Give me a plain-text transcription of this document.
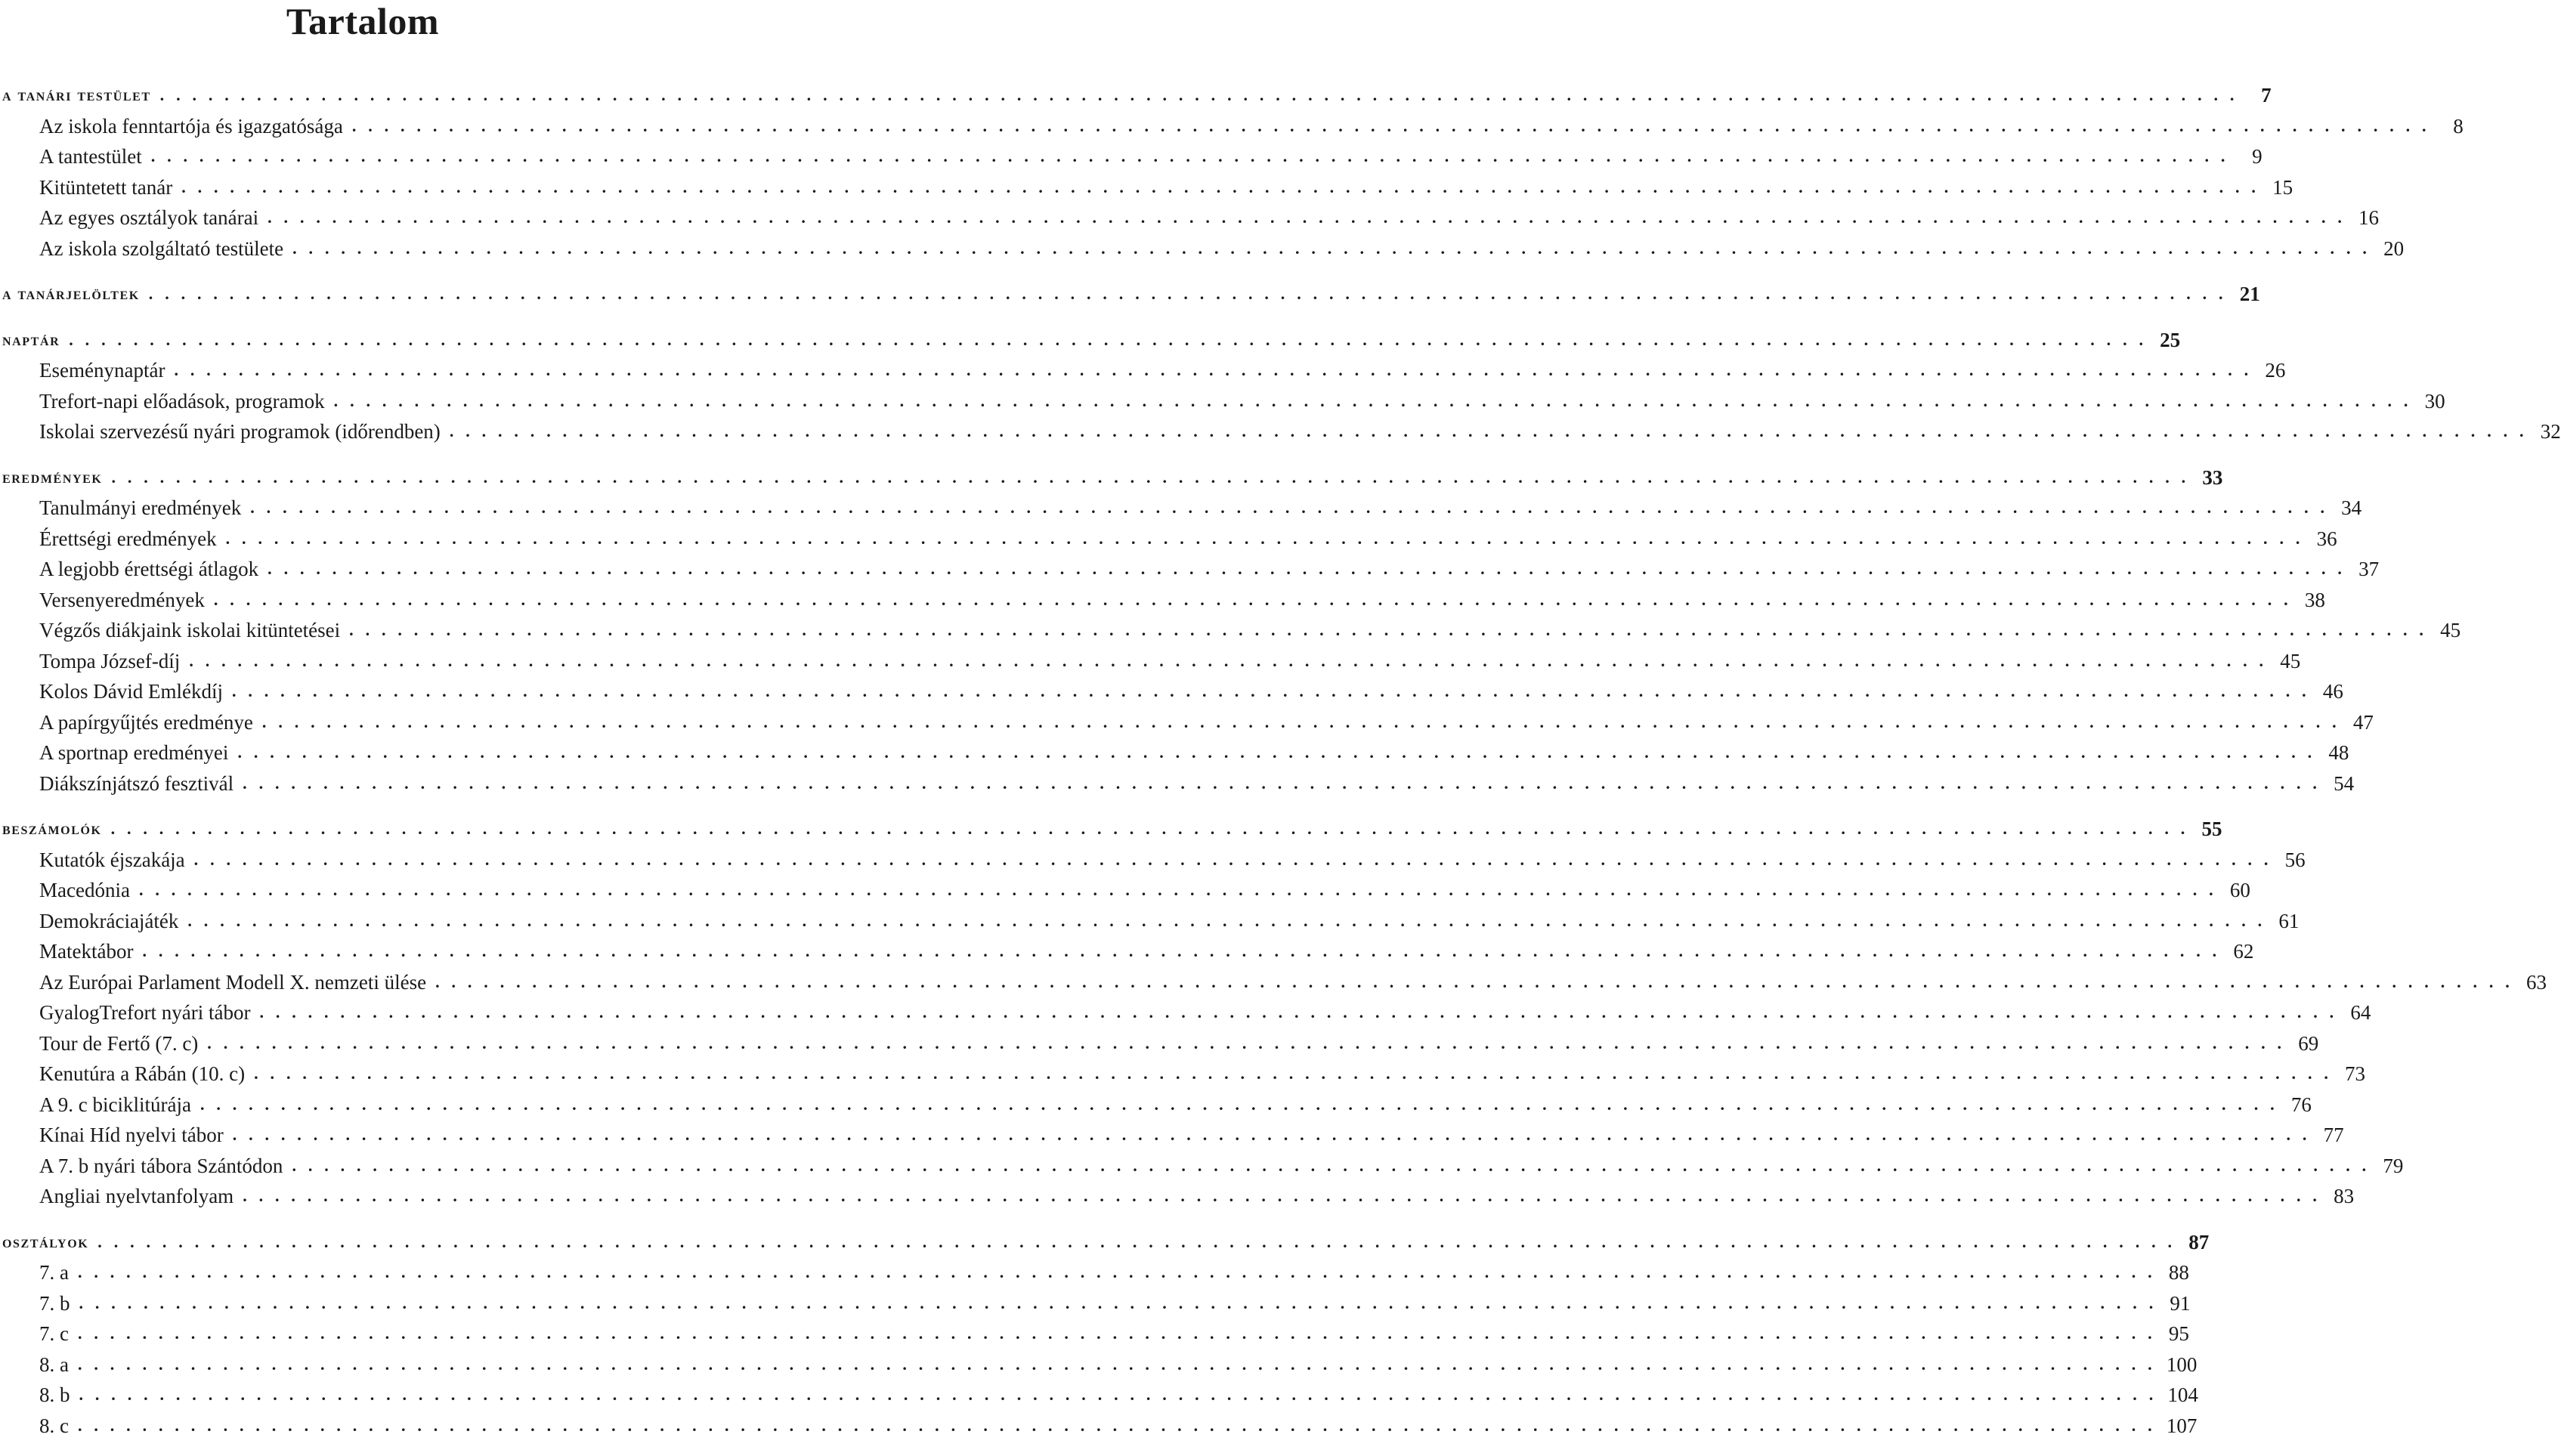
Tartalom
a tanári testület . . .	7
Az iskola fenntartója és igazgatósága . . .	8
A tantestület . . .	9
Kitüntetett tanár . . .	15
Az egyes osztályok tanárai . . .	16
Az iskola szolgáltató testülete . . .	20
a tanárjelöltek . . .	21
naptár . . .	25
Eseménynaptár . . .	26
Trefort-napi előadások, programok . . .	30
Iskolai szervezésű nyári programok (időrendben) . . .	32
eredmények . . .	33
Tanulmányi eredmények . . .	34
Érettségi eredmények . . .	36
A legjobb érettségi átlagok . . .	37
Versenyeredmények . . .	38
Végzős diákjaink iskolai kitüntetései . . .	45
Tompa József-díj . . .	45
Kolos Dávid Emlékdíj . . .	46
A papírgyűjtés eredménye . . .	47
A sportnap eredményei . . .	48
Diákszínjátszó fesztivál . . .	54
beszámolók . . .	55
Kutatók éjszakája . . .	56
Macedónia . . .	60
Demokráciajáték . . .	61
Matektábor . . .	62
Az Európai Parlament Modell X. nemzeti ülése . . .	63
GyalogTrefort nyári tábor . . .	64
Tour de Fertő (7. c) . . .	69
Kenutúra a Rábán (10. c) . . .	73
A 9. c biciklitúrája . . .	76
Kínai Híd nyelvi tábor . . .	77
A 7. b nyári tábora Szántódon . . .	79
Angliai nyelvtanfolyam . . .	83
osztályok . . .	87
7. a . . .	88
7. b . . .	91
7. c . . .	95
8. a . . .	100
8. b . . .	104
8. c . . .	107
